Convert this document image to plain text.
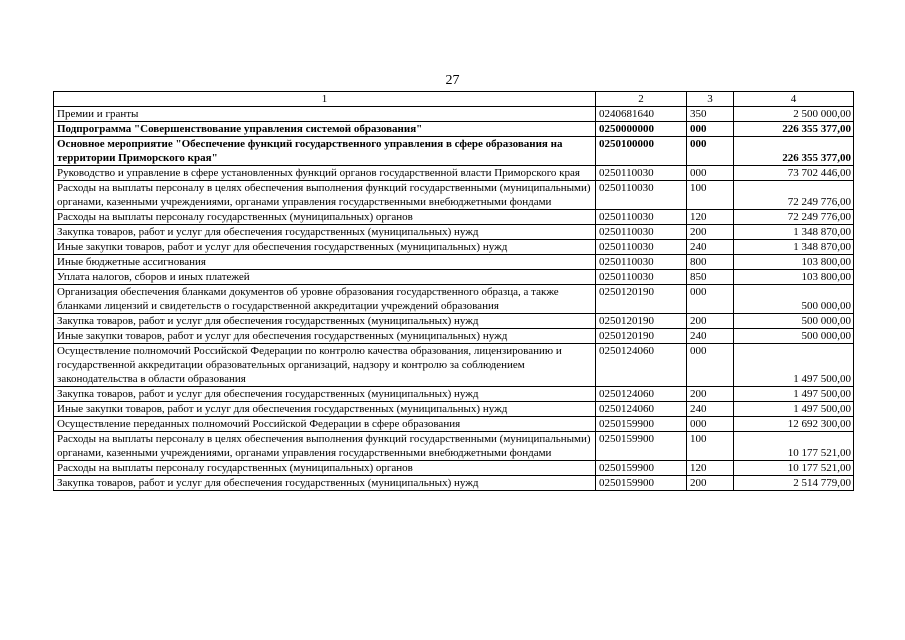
27
1	2	3	4
Премии и гранты	0240681640	350	2 500 000,00
Подпрограмма "Совершенствование управления системой образования"	0250000000	000	226 355 377,00
Основное мероприятие "Обеспечение функций государственного управления в сфере образования на территории Приморского края"	0250100000	000	226 355 377,00
Руководство и управление в сфере установленных функций органов государственной власти Приморского края	0250110030	000	73 702 446,00
Расходы на выплаты персоналу в целях обеспечения выполнения функций государственными (муниципальными) органами, казенными учреждениями, органами управления государственными внебюджетными фондами	0250110030	100	72 249 776,00
Расходы на выплаты персоналу государственных (муниципальных) органов	0250110030	120	72 249 776,00
Закупка товаров, работ и услуг для обеспечения государственных (муниципальных) нужд	0250110030	200	1 348 870,00
Иные закупки товаров, работ и услуг для обеспечения государственных (муниципальных) нужд	0250110030	240	1 348 870,00
Иные бюджетные ассигнования	0250110030	800	103 800,00
Уплата налогов, сборов и иных платежей	0250110030	850	103 800,00
Организация обеспечения бланками документов об уровне образования государственного образца, а также бланками лицензий и свидетельств о государственной аккредитации учреждений образования	0250120190	000	500 000,00
Закупка товаров, работ и услуг для обеспечения государственных (муниципальных) нужд	0250120190	200	500 000,00
Иные закупки товаров, работ и услуг для обеспечения государственных (муниципальных) нужд	0250120190	240	500 000,00
Осуществление полномочий Российской Федерации по контролю качества образования, лицензированию и государственной аккредитации образовательных организаций, надзору и контролю за соблюдением законодательства в области образования	0250124060	000	1 497 500,00
Закупка товаров, работ и услуг для обеспечения государственных (муниципальных) нужд	0250124060	200	1 497 500,00
Иные закупки товаров, работ и услуг для обеспечения государственных (муниципальных) нужд	0250124060	240	1 497 500,00
Осуществление переданных полномочий Российской Федерации в сфере образования	0250159900	000	12 692 300,00
Расходы на выплаты персоналу в целях обеспечения выполнения функций государственными (муниципальными) органами, казенными учреждениями, органами управления государственными внебюджетными фондами	0250159900	100	10 177 521,00
Расходы на выплаты персоналу государственных (муниципальных) органов	0250159900	120	10 177 521,00
Закупка товаров, работ и услуг для обеспечения государственных (муниципальных) нужд	0250159900	200	2 514 779,00
